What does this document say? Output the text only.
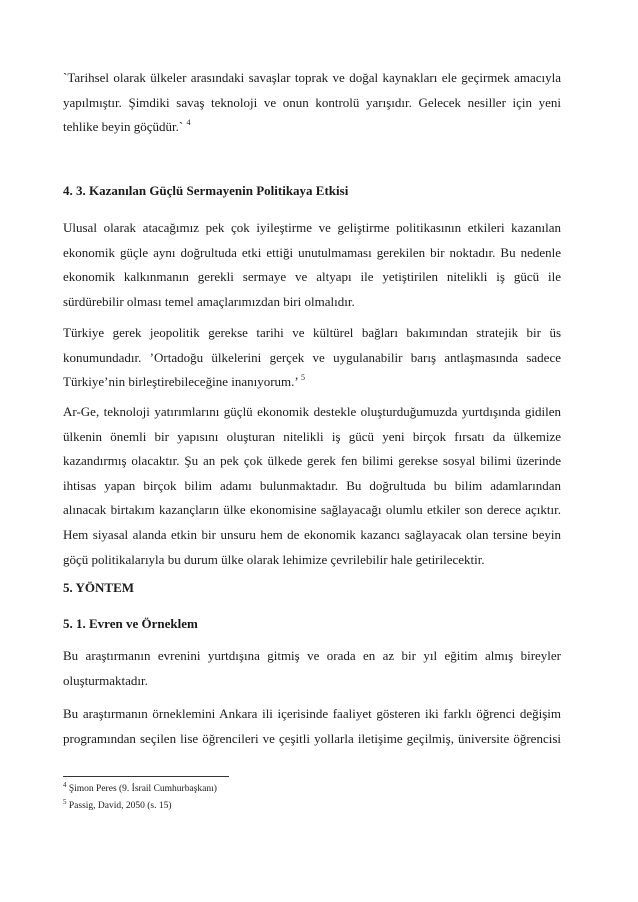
`Tarihsel olarak ülkeler arasındaki savaşlar toprak ve doğal kaynakları ele geçirmek amacıyla
yapılmıştır. Şimdiki savaş teknoloji ve onun kontrolü yarışıdır. Gelecek nesiller için yeni
tehlike beyin göçüdür.` $^4$
4. 3. Kazanılan Güçlü Sermayenin Politikaya Etkisi
Ulusal olarak atacağımız pek çok iyileştirme ve geliştirme politikasının etkileri kazanılan
ekonomik güçle aynı doğrultuda etki ettiği unutulmaması gerekilen bir noktadır. Bu nedenle
ekonomik kalkınmanın gerekli sermaye ve altyapı ile yetiştirilen nitelikli iş gücü ile
sürdürebilir olması temel amaçlarımızdan biri olmalıdır.
Türkiye gerek jeopolitik gerekse tarihi ve kültürel bağları bakımından stratejik bir üs
konumundadır. ’Ortadoğu ülkelerini gerçek ve uygulanabilir barış antlaşmasında sadece
Türkiye’nin birleştirebileceğine inanıyorum.’ $^5$
Ar-Ge, teknoloji yatırımlarını güçlü ekonomik destekle oluşturduğumuzda yurtdışında gidilen
ülkenin önemli bir yapısını oluşturan nitelikli iş gücü yeni birçok fırsatı da ülkemize
kazandırmış olacaktır. Şu an pek çok ülkede gerek fen bilimi gerekse sosyal bilimi üzerinde
ihtisas yapan birçok bilim adamı bulunmaktadır. Bu doğrultuda bu bilim adamlarından
alınacak birtakım kazançların ülke ekonomisine sağlayacağı olumlu etkiler son derece açıktır.
Hem siyasal alanda etkin bir unsuru hem de ekonomik kazancı sağlayacak olan tersine beyin
göçü politikalarıyla bu durum ülke olarak lehimize çevrilebilir hale getirilecektir.
5. YÖNTEM
5. 1. Evren ve Örneklem
Bu araştırmanın evrenini yurtdışına gitmiş ve orada en az bir yıl eğitim almış bireyler
oluşturmaktadır.
Bu araştırmanın örneklemini Ankara ili içerisinde faaliyet gösteren iki farklı öğrenci değişim
programından seçilen lise öğrencileri ve çeşitli yollarla iletişime geçilmiş, üniversite öğrencisi
$^4$ Şimon Peres (9. İsrail Cumhurbaşkanı)
$^5$ Passig, David, 2050 (s. 15)
